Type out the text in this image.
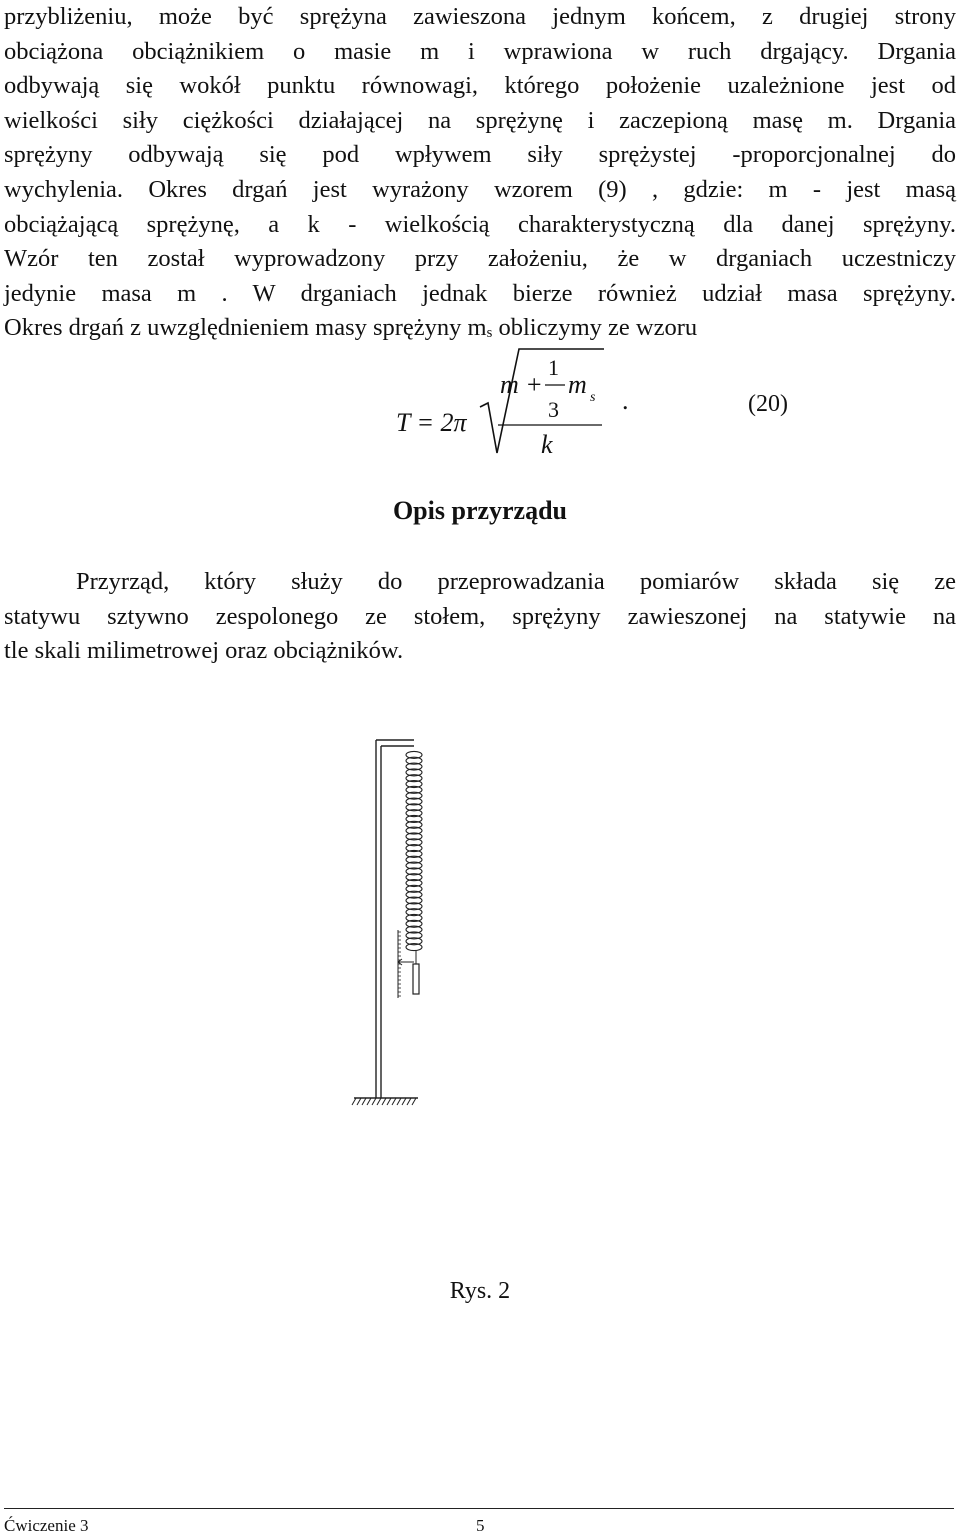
przybliżeniu, może być sprężyna zawieszona jednym końcem, z drugiej strony
obciążona obciążnikiem o masie m i wprawiona w ruch drgający. Drgania
odbywają się wokół punktu równowagi, którego położenie uzależnione jest od
wielkości siły ciężkości działającej na sprężynę i zaczepioną masę m. Drgania
sprężyny odbywają się pod wpływem siły sprężystej -proporcjonalnej do
wychylenia. Okres drgań jest wyrażony wzorem (9) , gdzie: m - jest masą
obciążającą sprężynę, a k - wielkością charakterystyczną dla danej sprężyny.
Wzór ten został wyprowadzony przy założeniu, że w drganiach uczestniczy
jedynie masa m . W drganiach jednak bierze również udział masa sprężyny.
Okres drgań z uwzględnieniem masy sprężyny $m_s$ obliczymy ze wzoru
T = 2π
m +
1
3
m s
k
.	(20)
Opis przyrządu
Przyrząd, który służy do przeprowadzania pomiarów składa się ze
statywu sztywno zespolonego ze stołem, sprężyny zawieszonej na statywie na
tle skali milimetrowej oraz obciążników.
Rys. 2
Ćwiczenie 3	5
